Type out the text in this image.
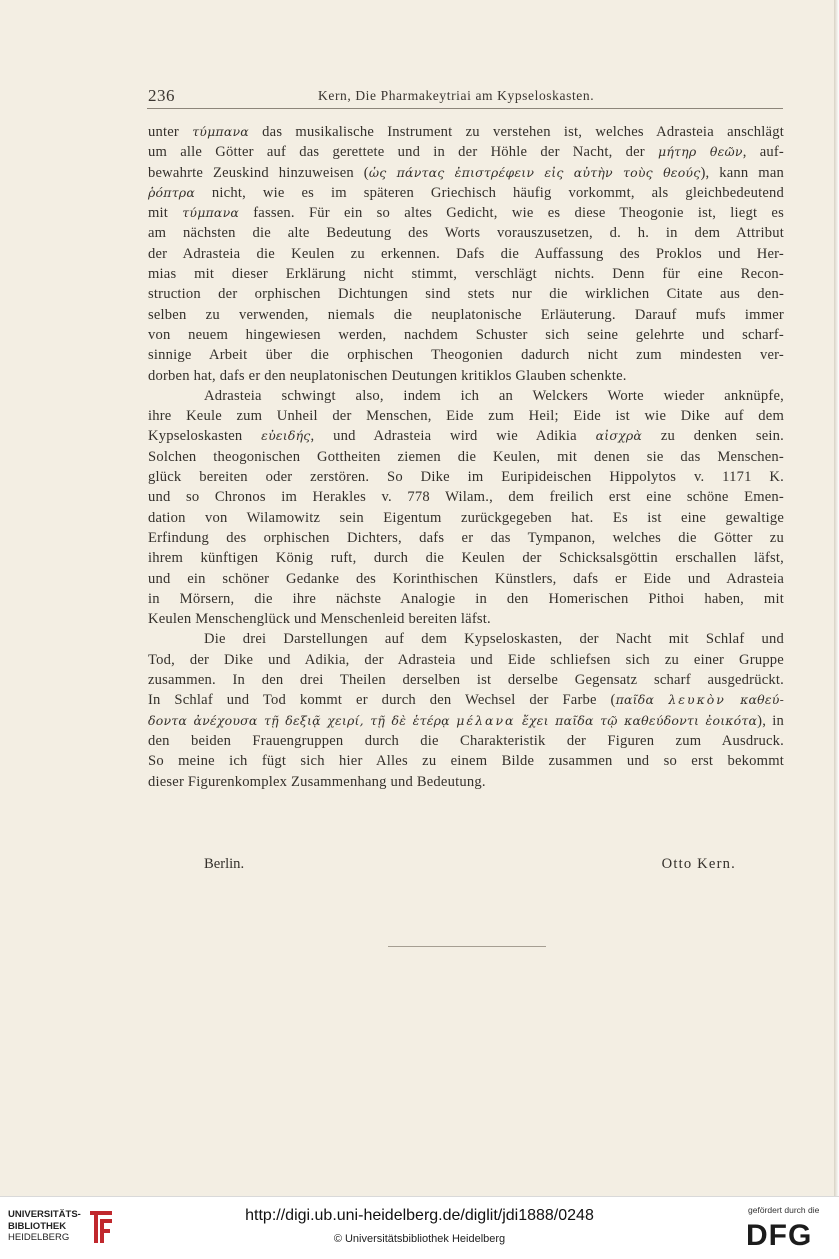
236	Kern, Die Pharmakeytriai am Kypseloskasten.
unter τύμπανα das musikalische Instrument zu verstehen ist, welches Adrasteia anschlägt
um alle Götter auf das gerettete und in der Höhle der Nacht, der μήτηρ θεῶν, auf-
bewahrte Zeuskind hinzuweisen (ὡς πάντας ἐπιστρέφειν εἰς αὐτὴν τοὺς θεούς), kann man
ῥόπτρα nicht, wie es im späteren Griechisch häufig vorkommt, als gleichbedeutend
mit τύμπανα fassen. Für ein so altes Gedicht, wie es diese Theogonie ist, liegt es
am nächsten die alte Bedeutung des Worts vorauszusetzen, d. h. in dem Attribut
der Adrasteia die Keulen zu erkennen. Dafs die Auffassung des Proklos und Her-
mias mit dieser Erklärung nicht stimmt, verschlägt nichts. Denn für eine Recon-
struction der orphischen Dichtungen sind stets nur die wirklichen Citate aus den-
selben zu verwenden, niemals die neuplatonische Erläuterung. Darauf mufs immer
von neuem hingewiesen werden, nachdem Schuster sich seine gelehrte und scharf-
sinnige Arbeit über die orphischen Theogonien dadurch nicht zum mindesten ver-
dorben hat, dafs er den neuplatonischen Deutungen kritiklos Glauben schenkte.
Adrasteia schwingt also, indem ich an Welckers Worte wieder anknüpfe,
ihre Keule zum Unheil der Menschen, Eide zum Heil; Eide ist wie Dike auf dem
Kypseloskasten εὐειδής, und Adrasteia wird wie Adikia αἰσχρὰ zu denken sein.
Solchen theogonischen Gottheiten ziemen die Keulen, mit denen sie das Menschen-
glück bereiten oder zerstören. So Dike im Euripideischen Hippolytos v. 1171 K.
und so Chronos im Herakles v. 778 Wilam., dem freilich erst eine schöne Emen-
dation von Wilamowitz sein Eigentum zurückgegeben hat. Es ist eine gewaltige
Erfindung des orphischen Dichters, dafs er das Tympanon, welches die Götter zu
ihrem künftigen König ruft, durch die Keulen der Schicksalsgöttin erschallen läfst,
und ein schöner Gedanke des Korinthischen Künstlers, dafs er Eide und Adrasteia
in Mörsern, die ihre nächste Analogie in den Homerischen Pithoi haben, mit
Keulen Menschenglück und Menschenleid bereiten läfst.
Die drei Darstellungen auf dem Kypseloskasten, der Nacht mit Schlaf und
Tod, der Dike und Adikia, der Adrasteia und Eide schliefsen sich zu einer Gruppe
zusammen. In den drei Theilen derselben ist derselbe Gegensatz scharf ausgedrückt.
In Schlaf und Tod kommt er durch den Wechsel der Farbe (παῖδα λευκὸν καθεύ-
δοντα ἀνέχουσα τῇ δεξιᾷ χειρί, τῇ δὲ ἑτέρᾳ μέλανα ἔχει παῖδα τῷ καθεύδοντι ἐοικότα), in
den beiden Frauengruppen durch die Charakteristik der Figuren zum Ausdruck.
So meine ich fügt sich hier Alles zu einem Bilde zusammen und so erst bekommt
dieser Figurenkomplex Zusammenhang und Bedeutung.
Berlin.	Otto Kern.
UNIVERSITÄTS-
BIBLIOTHEK
HEIDELBERG
http://digi.ub.uni-heidelberg.de/diglit/jdi1888/0248
© Universitätsbibliothek Heidelberg
gefördert durch die
DFG
